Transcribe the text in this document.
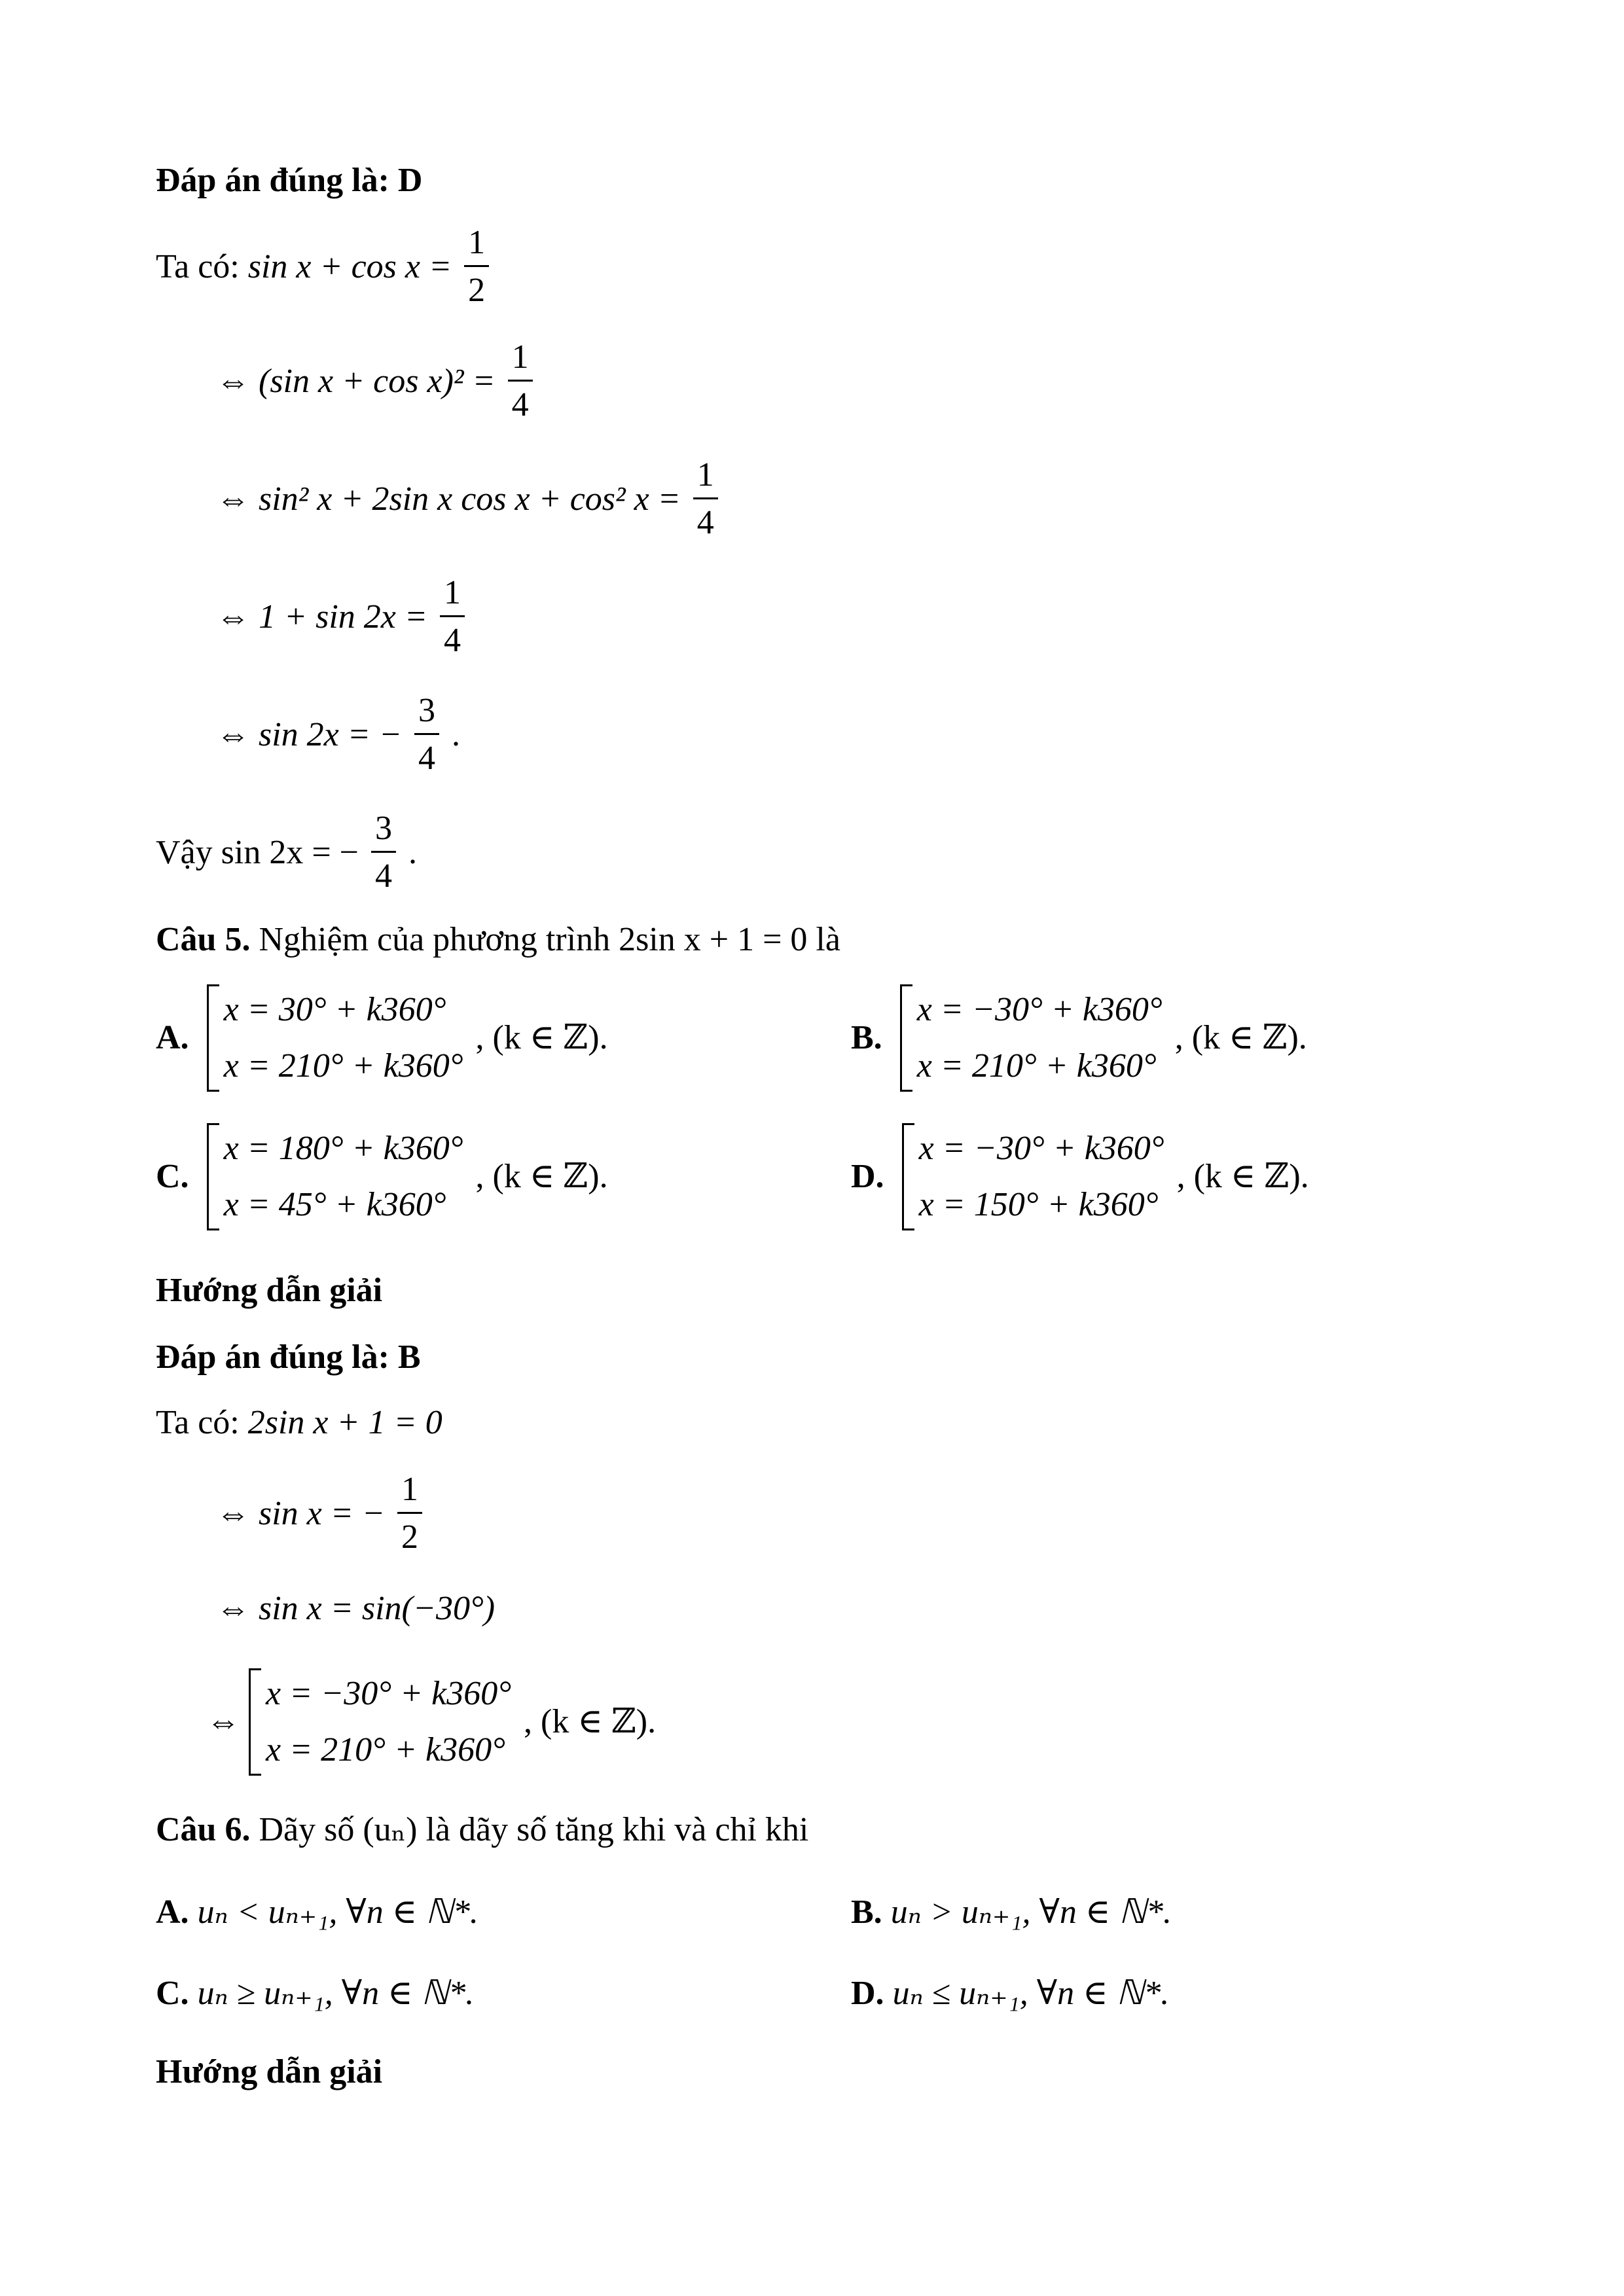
Đáp án đúng là: D
Ta có: $\sin x + \cos x = \frac{1}{2}$
⇔ (sin $x + \cos x)^2 = \frac{1}{4}$
⇔ sin² x + 2sin x cos x + cos² $x = \frac{1}{4}$
⇔ $1 + \sin 2x = \frac{1}{4}$
⇔ sin 2x = − $\frac{3}{4}$ .
Vậy sin 2x = − $\frac{3}{4}$ .
Câu 5. Nghiệm của phương trình 2sin x + 1 = 0 là
A.
x = 30° + k360°
x = 210° + k360°
, (k ∈ ℤ).	B.
x = −30° + k360°
x = 210° + k360°
, (k ∈ ℤ).
C.
x = 180° + k360°
x = 45° + k360°
, (k ∈ ℤ).	D.
x = −30° + k360°
x = 150° + k360°
, (k ∈ ℤ).
Hướng dẫn giải
Đáp án đúng là: B
Ta có: 2sin x + 1 = 0
⇔ sin x = − $\frac{1}{2}$
⇔ sin x = sin(−30°)
⇔
x = −30° + k360°
x = 210° + k360°
, (k ∈ ℤ).
Câu 6. Dãy số (uₙ) là dãy số tăng khi và chỉ khi
A. uₙ < uₙ₊₁, ∀n ∈ ℕ*.	B. uₙ > uₙ₊₁, ∀n ∈ ℕ*.
C. uₙ ≥ uₙ₊₁, ∀n ∈ ℕ*.	D. uₙ ≤ uₙ₊₁, ∀n ∈ ℕ*.
Hướng dẫn giải
